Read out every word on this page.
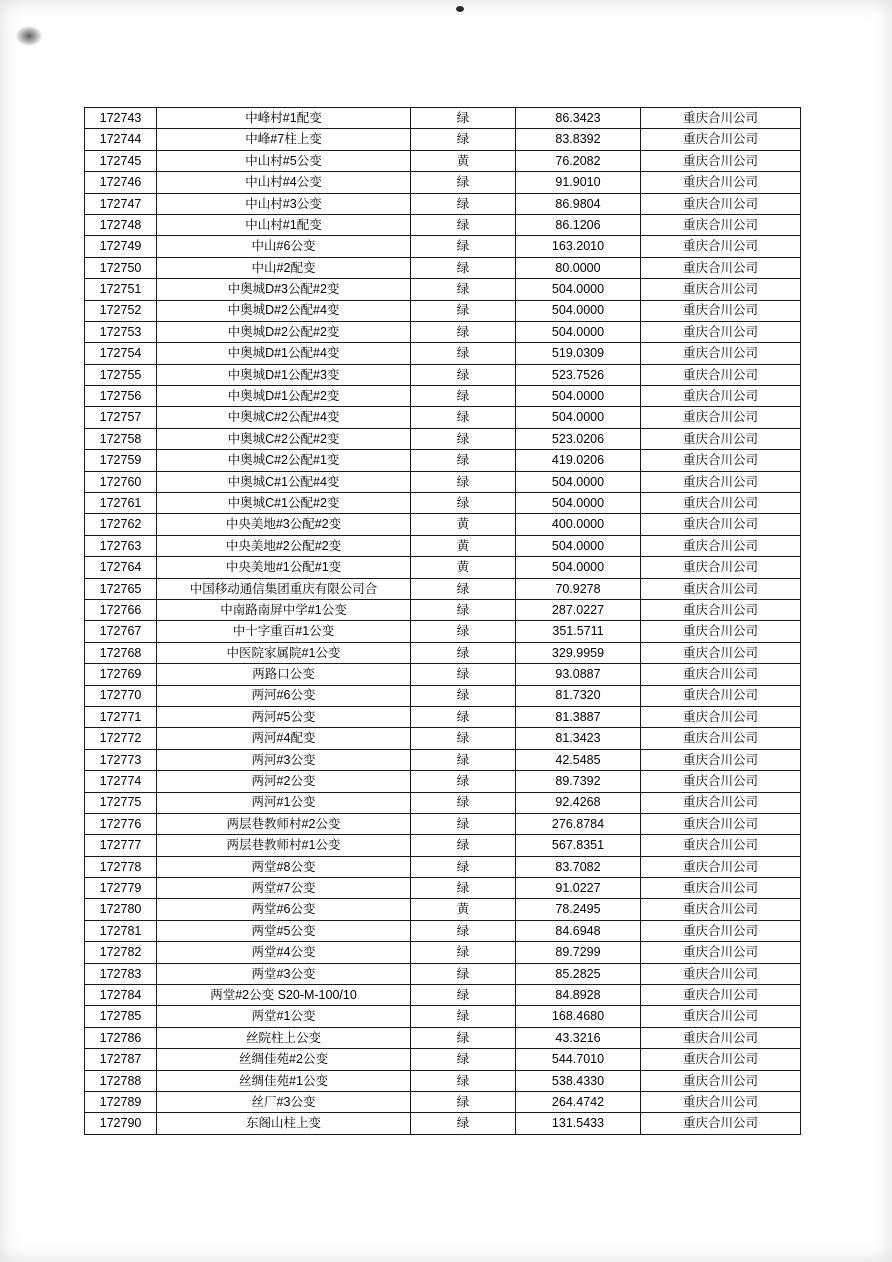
172743	中峰村#1配变	绿	86.3423	重庆合川公司
172744	中峰#7柱上变	绿	83.8392	重庆合川公司
172745	中山村#5公变	黄	76.2082	重庆合川公司
172746	中山村#4公变	绿	91.9010	重庆合川公司
172747	中山村#3公变	绿	86.9804	重庆合川公司
172748	中山村#1配变	绿	86.1206	重庆合川公司
172749	中山#6公变	绿	163.2010	重庆合川公司
172750	中山#2配变	绿	80.0000	重庆合川公司
172751	中奥城D#3公配#2变	绿	504.0000	重庆合川公司
172752	中奥城D#2公配#4变	绿	504.0000	重庆合川公司
172753	中奥城D#2公配#2变	绿	504.0000	重庆合川公司
172754	中奥城D#1公配#4变	绿	519.0309	重庆合川公司
172755	中奥城D#1公配#3变	绿	523.7526	重庆合川公司
172756	中奥城D#1公配#2变	绿	504.0000	重庆合川公司
172757	中奥城C#2公配#4变	绿	504.0000	重庆合川公司
172758	中奥城C#2公配#2变	绿	523.0206	重庆合川公司
172759	中奥城C#2公配#1变	绿	419.0206	重庆合川公司
172760	中奥城C#1公配#4变	绿	504.0000	重庆合川公司
172761	中奥城C#1公配#2变	绿	504.0000	重庆合川公司
172762	中央美地#3公配#2变	黄	400.0000	重庆合川公司
172763	中央美地#2公配#2变	黄	504.0000	重庆合川公司
172764	中央美地#1公配#1变	黄	504.0000	重庆合川公司
172765	中国移动通信集团重庆有限公司合	绿	70.9278	重庆合川公司
172766	中南路南屏中学#1公变	绿	287.0227	重庆合川公司
172767	中十字重百#1公变	绿	351.5711	重庆合川公司
172768	中医院家属院#1公变	绿	329.9959	重庆合川公司
172769	两路口公变	绿	93.0887	重庆合川公司
172770	两河#6公变	绿	81.7320	重庆合川公司
172771	两河#5公变	绿	81.3887	重庆合川公司
172772	两河#4配变	绿	81.3423	重庆合川公司
172773	两河#3公变	绿	42.5485	重庆合川公司
172774	两河#2公变	绿	89.7392	重庆合川公司
172775	两河#1公变	绿	92.4268	重庆合川公司
172776	两层巷教师村#2公变	绿	276.8784	重庆合川公司
172777	两层巷教师村#1公变	绿	567.8351	重庆合川公司
172778	两堂#8公变	绿	83.7082	重庆合川公司
172779	两堂#7公变	绿	91.0227	重庆合川公司
172780	两堂#6公变	黄	78.2495	重庆合川公司
172781	两堂#5公变	绿	84.6948	重庆合川公司
172782	两堂#4公变	绿	89.7299	重庆合川公司
172783	两堂#3公变	绿	85.2825	重庆合川公司
172784	两堂#2公变 S20-M-100/10	绿	84.8928	重庆合川公司
172785	两堂#1公变	绿	168.4680	重庆合川公司
172786	丝院柱上公变	绿	43.3216	重庆合川公司
172787	丝绸佳苑#2公变	绿	544.7010	重庆合川公司
172788	丝绸佳苑#1公变	绿	538.4330	重庆合川公司
172789	丝厂#3公变	绿	264.4742	重庆合川公司
172790	东阁山柱上变	绿	131.5433	重庆合川公司
